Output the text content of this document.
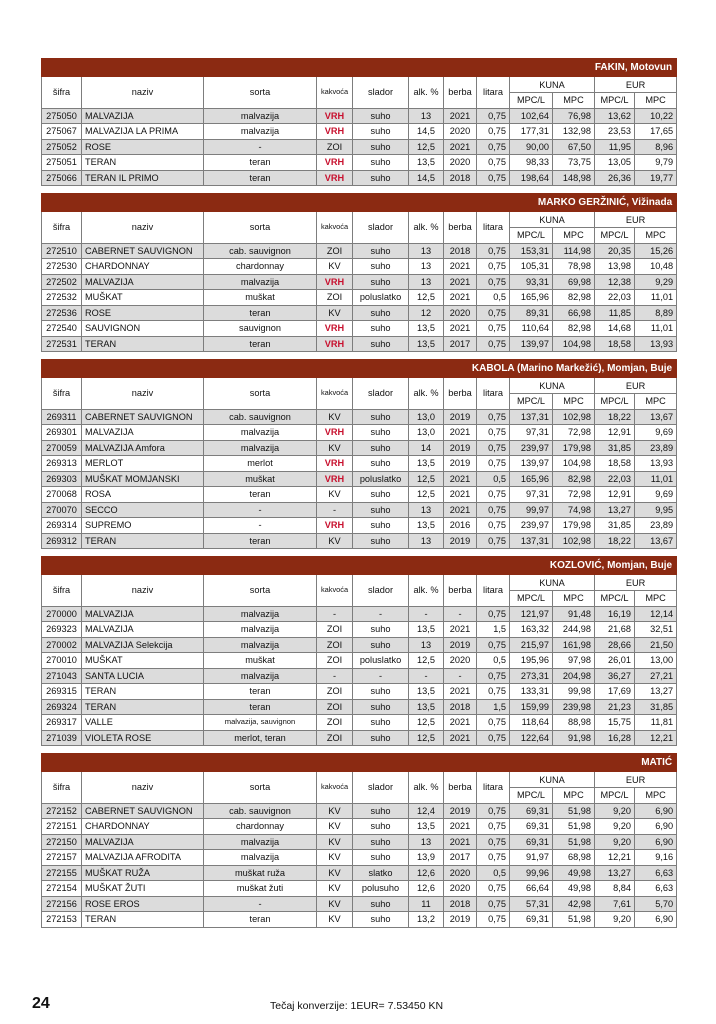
FAKIN, Motovun											
šifra	naziv	sorta	kakvoća	slador	alk. %	berba	litara	KUNA		EUR	
								MPC/L	MPC	MPC/L	MPC
275050	MALVAZIJA	malvazija	VRH	suho	13	2021	0,75	102,64	76,98	13,62	10,22
275067	MALVAZIJA LA PRIMA	malvazija	VRH	suho	14,5	2020	0,75	177,31	132,98	23,53	17,65
275052	ROSE	-	ZOI	suho	12,5	2021	0,75	90,00	67,50	11,95	8,96
275051	TERAN	teran	VRH	suho	13,5	2020	0,75	98,33	73,75	13,05	9,79
275066	TERAN IL PRIMO	teran	VRH	suho	14,5	2018	0,75	198,64	148,98	26,36	19,77
MARKO GERŽINIĆ, Vižinada											
šifra	naziv	sorta	kakvoća	slador	alk. %	berba	litara	KUNA		EUR	
								MPC/L	MPC	MPC/L	MPC
272510	CABERNET SAUVIGNON	cab. sauvignon	ZOI	suho	13	2018	0,75	153,31	114,98	20,35	15,26
272530	CHARDONNAY	chardonnay	KV	suho	13	2021	0,75	105,31	78,98	13,98	10,48
272502	MALVAZIJA	malvazija	VRH	suho	13	2021	0,75	93,31	69,98	12,38	9,29
272532	MUŠKAT	muškat	ZOI	poluslatko	12,5	2021	0,5	165,96	82,98	22,03	11,01
272536	ROSE	teran	KV	suho	12	2020	0,75	89,31	66,98	11,85	8,89
272540	SAUVIGNON	sauvignon	VRH	suho	13,5	2021	0,75	110,64	82,98	14,68	11,01
272531	TERAN	teran	VRH	suho	13,5	2017	0,75	139,97	104,98	18,58	13,93
KABOLA (Marino Markežić), Momjan, Buje											
šifra	naziv	sorta	kakvoća	slador	alk. %	berba	litara	KUNA		EUR	
								MPC/L	MPC	MPC/L	MPC
269311	CABERNET SAUVIGNON	cab. sauvignon	KV	suho	13,0	2019	0,75	137,31	102,98	18,22	13,67
269301	MALVAZIJA	malvazija	VRH	suho	13,0	2021	0,75	97,31	72,98	12,91	9,69
270059	MALVAZIJA Amfora	malvazija	KV	suho	14	2019	0,75	239,97	179,98	31,85	23,89
269313	MERLOT	merlot	VRH	suho	13,5	2019	0,75	139,97	104,98	18,58	13,93
269303	MUŠKAT MOMJANSKI	muškat	VRH	poluslatko	12,5	2021	0,5	165,96	82,98	22,03	11,01
270068	ROSA	teran	KV	suho	12,5	2021	0,75	97,31	72,98	12,91	9,69
270070	SECCO	-	-	suho	13	2021	0,75	99,97	74,98	13,27	9,95
269314	SUPREMO	-	VRH	suho	13,5	2016	0,75	239,97	179,98	31,85	23,89
269312	TERAN	teran	KV	suho	13	2019	0,75	137,31	102,98	18,22	13,67
KOZLOVIĆ, Momjan, Buje											
šifra	naziv	sorta	kakvoća	slador	alk. %	berba	litara	KUNA		EUR	
								MPC/L	MPC	MPC/L	MPC
270000	MALVAZIJA	malvazija	-	-	-	-	0,75	121,97	91,48	16,19	12,14
269323	MALVAZIJA	malvazija	ZOI	suho	13,5	2021	1,5	163,32	244,98	21,68	32,51
270002	MALVAZIJA Selekcija	malvazija	ZOI	suho	13	2019	0,75	215,97	161,98	28,66	21,50
270010	MUŠKAT	muškat	ZOI	poluslatko	12,5	2020	0,5	195,96	97,98	26,01	13,00
271043	SANTA LUCIA	malvazija	-	-	-	-	0,75	273,31	204,98	36,27	27,21
269315	TERAN	teran	ZOI	suho	13,5	2021	0,75	133,31	99,98	17,69	13,27
269324	TERAN	teran	ZOI	suho	13,5	2018	1,5	159,99	239,98	21,23	31,85
269317	VALLE	malvazija, sauvignon	ZOI	suho	12,5	2021	0,75	118,64	88,98	15,75	11,81
271039	VIOLETA ROSE	merlot, teran	ZOI	suho	12,5	2021	0,75	122,64	91,98	16,28	12,21
MATIĆ											
šifra	naziv	sorta	kakvoća	slador	alk. %	berba	litara	KUNA		EUR	
								MPC/L	MPC	MPC/L	MPC
272152	CABERNET SAUVIGNON	cab. sauvignon	KV	suho	12,4	2019	0,75	69,31	51,98	9,20	6,90
272151	CHARDONNAY	chardonnay	KV	suho	13,5	2021	0,75	69,31	51,98	9,20	6,90
272150	MALVAZIJA	malvazija	KV	suho	13	2021	0,75	69,31	51,98	9,20	6,90
272157	MALVAZIJA AFRODITA	malvazija	KV	suho	13,9	2017	0,75	91,97	68,98	12,21	9,16
272155	MUŠKAT RUŽA	muškat ruža	KV	slatko	12,6	2020	0,5	99,96	49,98	13,27	6,63
272154	MUŠKAT ŽUTI	muškat žuti	KV	polusuho	12,6	2020	0,75	66,64	49,98	8,84	6,63
272156	ROSE EROS	-	KV	suho	11	2018	0,75	57,31	42,98	7,61	5,70
272153	TERAN	teran	KV	suho	13,2	2019	0,75	69,31	51,98	9,20	6,90
24	Tečaj konverzije: 1EUR= 7.53450 KN
